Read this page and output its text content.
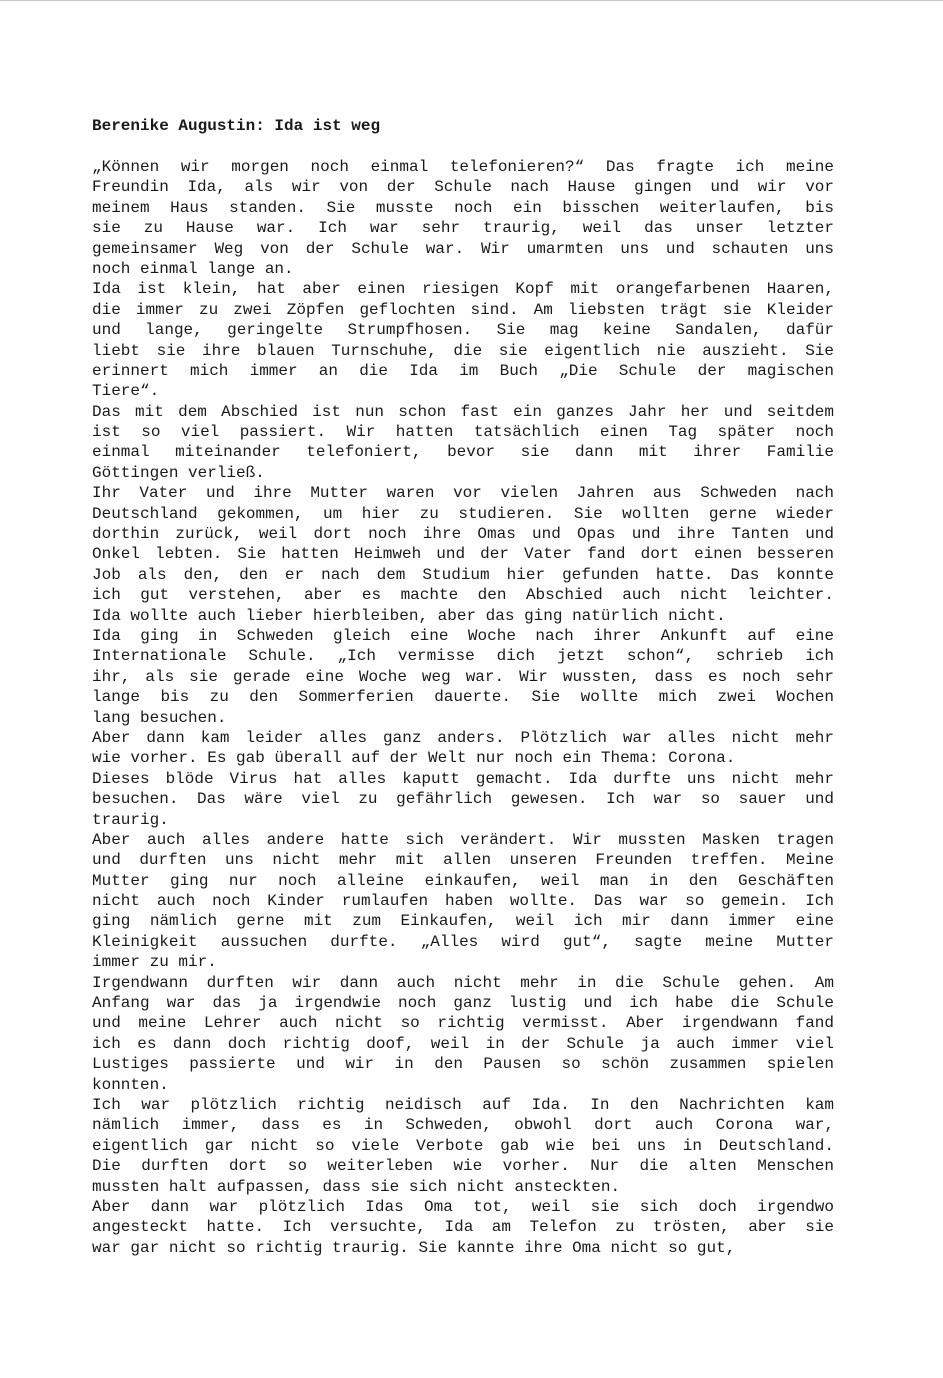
Berenike Augustin: Ida ist weg

„Können wir morgen noch einmal telefonieren?“ Das fragte ich meine
Freundin Ida, als wir von der Schule nach Hause gingen und wir vor
meinem Haus standen. Sie musste noch ein bisschen weiterlaufen, bis
sie zu Hause war. Ich war sehr traurig, weil das unser letzter
gemeinsamer Weg von der Schule war. Wir umarmten uns und schauten uns
noch einmal lange an.

Ida ist klein, hat aber einen riesigen Kopf mit orangefarbenen Haaren,
die immer zu zwei Zöpfen geflochten sind. Am liebsten trägt sie Kleider
und lange, geringelte Strumpfhosen. Sie mag keine Sandalen, dafür
liebt sie ihre blauen Turnschuhe, die sie eigentlich nie auszieht. Sie
erinnert mich immer an die Ida im Buch „Die Schule der magischen
Tiere“.

Das mit dem Abschied ist nun schon fast ein ganzes Jahr her und seitdem
ist so viel passiert. Wir hatten tatsächlich einen Tag später noch
einmal miteinander telefoniert, bevor sie dann mit ihrer Familie
Göttingen verließ.

Ihr Vater und ihre Mutter waren vor vielen Jahren aus Schweden nach
Deutschland gekommen, um hier zu studieren. Sie wollten gerne wieder
dorthin zurück, weil dort noch ihre Omas und Opas und ihre Tanten und
Onkel lebten. Sie hatten Heimweh und der Vater fand dort einen besseren
Job als den, den er nach dem Studium hier gefunden hatte. Das konnte
ich gut verstehen, aber es machte den Abschied auch nicht leichter.
Ida wollte auch lieber hierbleiben, aber das ging natürlich nicht.

Ida ging in Schweden gleich eine Woche nach ihrer Ankunft auf eine
Internationale Schule. „Ich vermisse dich jetzt schon“, schrieb ich
ihr, als sie gerade eine Woche weg war. Wir wussten, dass es noch sehr
lange bis zu den Sommerferien dauerte. Sie wollte mich zwei Wochen
lang besuchen.

Aber dann kam leider alles ganz anders. Plötzlich war alles nicht mehr
wie vorher. Es gab überall auf der Welt nur noch ein Thema: Corona.

Dieses blöde Virus hat alles kaputt gemacht. Ida durfte uns nicht mehr
besuchen. Das wäre viel zu gefährlich gewesen. Ich war so sauer und
traurig.

Aber auch alles andere hatte sich verändert. Wir mussten Masken tragen
und durften uns nicht mehr mit allen unseren Freunden treffen. Meine
Mutter ging nur noch alleine einkaufen, weil man in den Geschäften
nicht auch noch Kinder rumlaufen haben wollte. Das war so gemein. Ich
ging nämlich gerne mit zum Einkaufen, weil ich mir dann immer eine
Kleinigkeit aussuchen durfte. „Alles wird gut“, sagte meine Mutter
immer zu mir.

Irgendwann durften wir dann auch nicht mehr in die Schule gehen. Am
Anfang war das ja irgendwie noch ganz lustig und ich habe die Schule
und meine Lehrer auch nicht so richtig vermisst. Aber irgendwann fand
ich es dann doch richtig doof, weil in der Schule ja auch immer viel
Lustiges passierte und wir in den Pausen so schön zusammen spielen
konnten.

Ich war plötzlich richtig neidisch auf Ida. In den Nachrichten kam
nämlich immer, dass es in Schweden, obwohl dort auch Corona war,
eigentlich gar nicht so viele Verbote gab wie bei uns in Deutschland.
Die durften dort so weiterleben wie vorher. Nur die alten Menschen
mussten halt aufpassen, dass sie sich nicht ansteckten.

Aber dann war plötzlich Idas Oma tot, weil sie sich doch irgendwo
angesteckt hatte. Ich versuchte, Ida am Telefon zu trösten, aber sie
war gar nicht so richtig traurig. Sie kannte ihre Oma nicht so gut,
